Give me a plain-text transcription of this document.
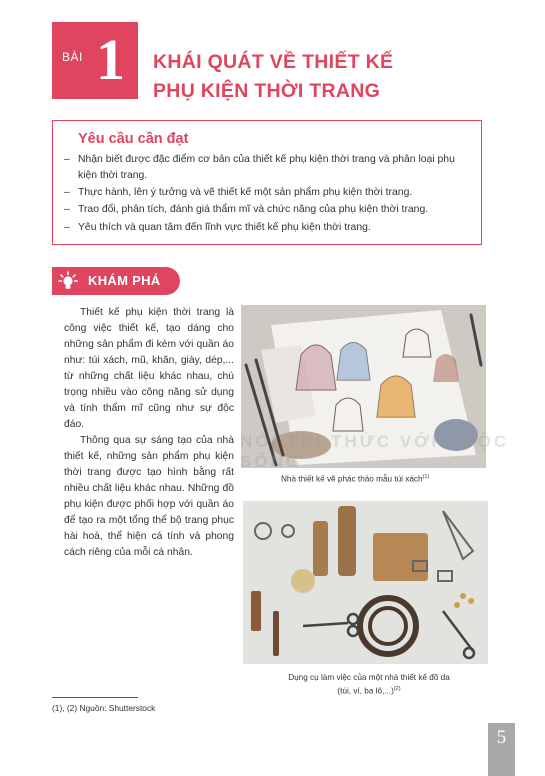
BÀI 1 KHÁI QUÁT VỀ THIẾT KẾ
PHỤ KIỆN THỜI TRANG
Yêu cầu cần đạt
– Nhận biết được đặc điểm cơ bản của thiết kế phụ kiện thời trang và phân loại phụ kiện thời trang.
– Thực hành, lên ý tưởng và vẽ thiết kế một sản phẩm phụ kiện thời trang.
– Trao đổi, phân tích, đánh giá thẩm mĩ và chức năng của phụ kiện thời trang.
– Yêu thích và quan tâm đến lĩnh vực thiết kế phụ kiện thời trang.
KHÁM PHÁ

Thiết kế phụ kiện thời trang là công việc thiết kế, tạo dáng cho những sản phẩm đi kèm với quần áo như: túi xách, mũ, khăn, giày, dép,... từ những chất liệu khác nhau, chú trọng nhiều vào công năng sử dụng và tính thẩm mĩ cũng như sự độc đáo.

Thông qua sự sáng tạo của nhà thiết kế, những sản phẩm phụ kiện thời trang được tạo hình bằng rất nhiều chất liệu khác nhau. Những đồ phụ kiện được phối hợp với quần áo để tạo ra một tổng thể bộ trang phục hài hoà, thể hiện cá tính và phong cách riêng của mỗi cá nhân.

Nhà thiết kế vẽ phác thảo mẫu túi xách$^{(1)}$
NỐI TRI THỨC VỚI CUỘC SỐNG
Dụng cụ làm việc của một nhà thiết kế đồ da (túi, ví, ba lô,...)$^{(2)}$
(1), (2) Nguồn: Shutterstock
5
